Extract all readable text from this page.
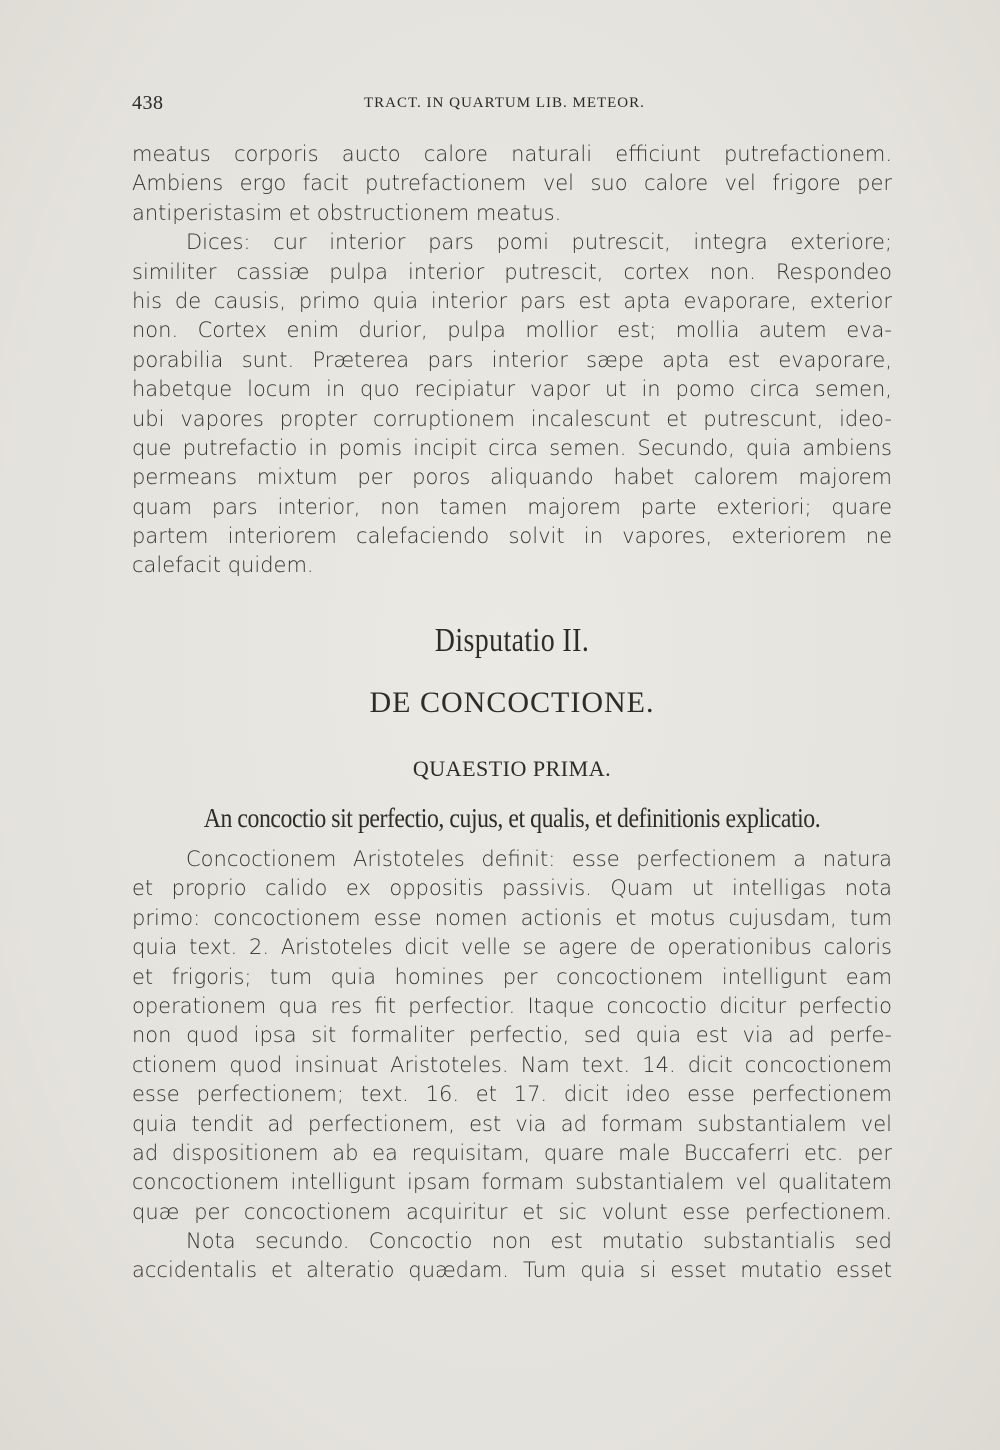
438	TRACT. IN QUARTUM LIB. METEOR.
meatus corporis aucto calore naturali efficiunt putrefactionem.
Ambiens ergo facit putrefactionem vel suo calore vel frigore per
antiperistasim et obstructionem meatus.
Dices: cur interior pars pomi putrescit, integra exteriore;
similiter cassiæ pulpa interior putrescit, cortex non. Respondeo
his de causis, primo quia interior pars est apta evaporare, exterior
non. Cortex enim durior, pulpa mollior est; mollia autem eva-
porabilia sunt. Præterea pars interior sæpe apta est evaporare,
habetque locum in quo recipiatur vapor ut in pomo circa semen,
ubi vapores propter corruptionem incalescunt et putrescunt, ideo-
que putrefactio in pomis incipit circa semen. Secundo, quia ambiens
permeans mixtum per poros aliquando habet calorem majorem
quam pars interior, non tamen majorem parte exteriori; quare
partem interiorem calefaciendo solvit in vapores, exteriorem ne
calefacit quidem.
Disputatio II.
DE CONCOCTIONE.
QUAESTIO PRIMA.
An concoctio sit perfectio, cujus, et qualis, et definitionis explicatio.
Concoctionem Aristoteles definit: esse perfectionem a natura
et proprio calido ex oppositis passivis. Quam ut intelligas nota
primo: concoctionem esse nomen actionis et motus cujusdam, tum
quia text. 2. Aristoteles dicit velle se agere de operationibus caloris
et frigoris; tum quia homines per concoctionem intelligunt eam
operationem qua res fit perfectior. Itaque concoctio dicitur perfectio
non quod ipsa sit formaliter perfectio, sed quia est via ad perfe-
ctionem quod insinuat Aristoteles. Nam text. 14. dicit concoctionem
esse perfectionem; text. 16. et 17. dicit ideo esse perfectionem
quia tendit ad perfectionem, est via ad formam substantialem vel
ad dispositionem ab ea requisitam, quare male Buccaferri etc. per
concoctionem intelligunt ipsam formam substantialem vel qualitatem
quæ per concoctionem acquiritur et sic volunt esse perfectionem.
Nota secundo. Concoctio non est mutatio substantialis sed
accidentalis et alteratio quædam. Tum quia si esset mutatio esset
